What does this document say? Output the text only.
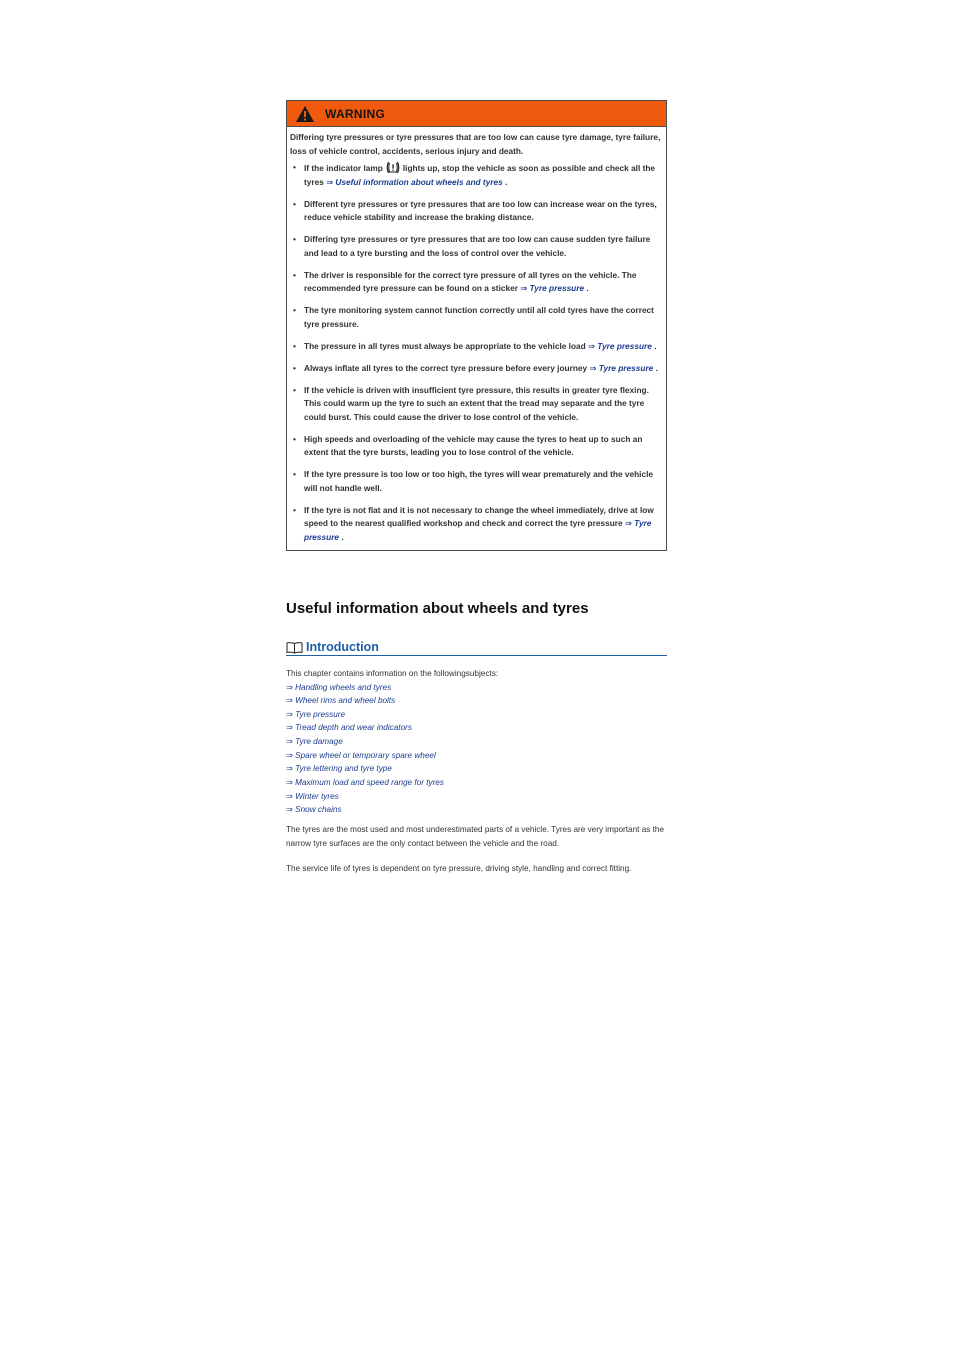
WARNING

Differing tyre pressures or tyre pressures that are too low can cause tyre damage, tyre failure, loss of vehicle control, accidents, serious injury and death.

• If the indicator lamp lights up, stop the vehicle as soon as possible and check all the tyres ⇒ Useful information about wheels and tyres .
• Different tyre pressures or tyre pressures that are too low can increase wear on the tyres, reduce vehicle stability and increase the braking distance.
• Differing tyre pressures or tyre pressures that are too low can cause sudden tyre failure and lead to a tyre bursting and the loss of control over the vehicle.
• The driver is responsible for the correct tyre pressure of all tyres on the vehicle. The recommended tyre pressure can be found on a sticker ⇒ Tyre pressure .
• The tyre monitoring system cannot function correctly until all cold tyres have the correct tyre pressure.
• The pressure in all tyres must always be appropriate to the vehicle load ⇒ Tyre pressure .
• Always inflate all tyres to the correct tyre pressure before every journey ⇒ Tyre pressure .
• If the vehicle is driven with insufficient tyre pressure, this results in greater tyre flexing. This could warm up the tyre to such an extent that the tread may separate and the tyre could burst. This could cause the driver to lose control of the vehicle.
• High speeds and overloading of the vehicle may cause the tyres to heat up to such an extent that the tyre bursts, leading you to lose control of the vehicle.
• If the tyre pressure is too low or too high, the tyres will wear prematurely and the vehicle will not handle well.
• If the tyre is not flat and it is not necessary to change the wheel immediately, drive at low speed to the nearest qualified workshop and check and correct the tyre pressure ⇒ Tyre pressure .
Useful information about wheels and tyres
Introduction

This chapter contains information on the followingsubjects:

⇒ Handling wheels and tyres
⇒ Wheel rims and wheel bolts
⇒ Tyre pressure
⇒ Tread depth and wear indicators
⇒ Tyre damage
⇒ Spare wheel or temporary spare wheel
⇒ Tyre lettering and tyre type
⇒ Maximum load and speed range for tyres
⇒ Winter tyres
⇒ Snow chains

The tyres are the most used and most underestimated parts of a vehicle. Tyres are very important as the narrow tyre surfaces are the only contact between the vehicle and the road.

The service life of tyres is dependent on tyre pressure, driving style, handling and correct fitting.
